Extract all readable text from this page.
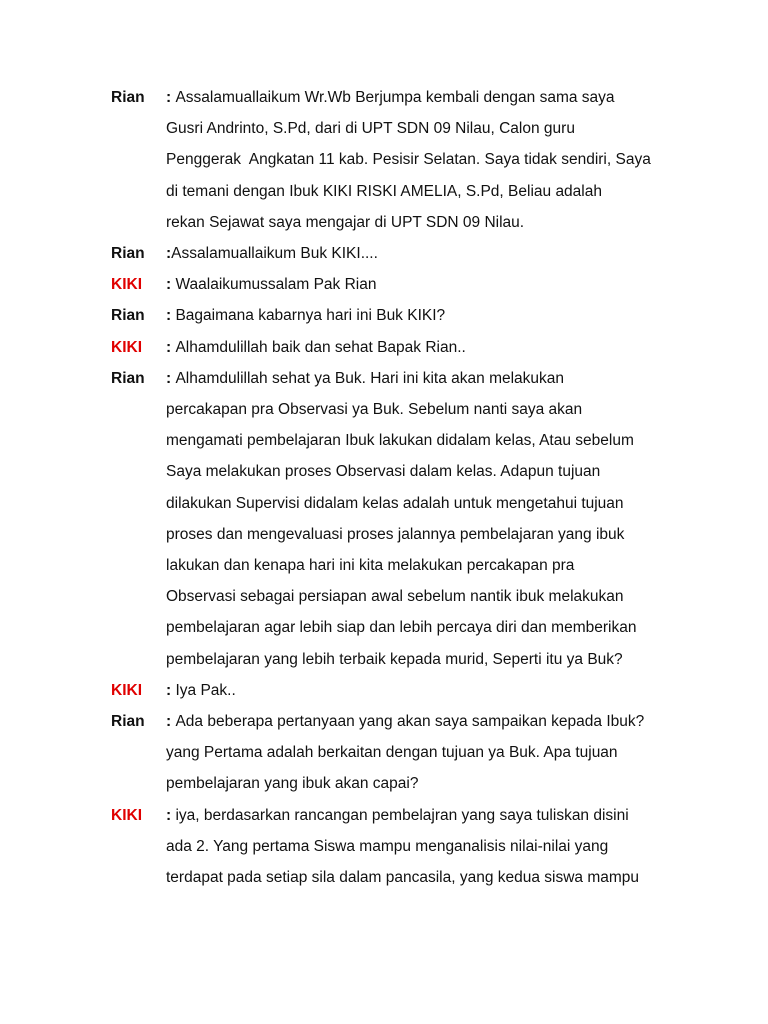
Rian	: Assalamuallaikum Wr.Wb Berjumpa kembali dengan sama saya
Gusri Andrinto, S.Pd, dari di UPT SDN 09 Nilau, Calon guru
Penggerak  Angkatan 11 kab. Pesisir Selatan. Saya tidak sendiri, Saya
di temani dengan Ibuk KIKI RISKI AMELIA, S.Pd, Beliau adalah
rekan Sejawat saya mengajar di UPT SDN 09 Nilau.
Rian	:Assalamuallaikum Buk KIKI....
KIKI	: Waalaikumussalam Pak Rian
Rian	: Bagaimana kabarnya hari ini Buk KIKI?
KIKI	: Alhamdulillah baik dan sehat Bapak Rian..
Rian	: Alhamdulillah sehat ya Buk. Hari ini kita akan melakukan
percakapan pra Observasi ya Buk. Sebelum nanti saya akan
mengamati pembelajaran Ibuk lakukan didalam kelas, Atau sebelum
Saya melakukan proses Observasi dalam kelas. Adapun tujuan
dilakukan Supervisi didalam kelas adalah untuk mengetahui tujuan
proses dan mengevaluasi proses jalannya pembelajaran yang ibuk
lakukan dan kenapa hari ini kita melakukan percakapan pra
Observasi sebagai persiapan awal sebelum nantik ibuk melakukan
pembelajaran agar lebih siap dan lebih percaya diri dan memberikan
pembelajaran yang lebih terbaik kepada murid, Seperti itu ya Buk?
KIKI	: Iya Pak..
Rian	: Ada beberapa pertanyaan yang akan saya sampaikan kepada Ibuk?
yang Pertama adalah berkaitan dengan tujuan ya Buk. Apa tujuan
pembelajaran yang ibuk akan capai?
KIKI	: iya, berdasarkan rancangan pembelajran yang saya tuliskan disini
ada 2. Yang pertama Siswa mampu menganalisis nilai-nilai yang
terdapat pada setiap sila dalam pancasila, yang kedua siswa mampu
